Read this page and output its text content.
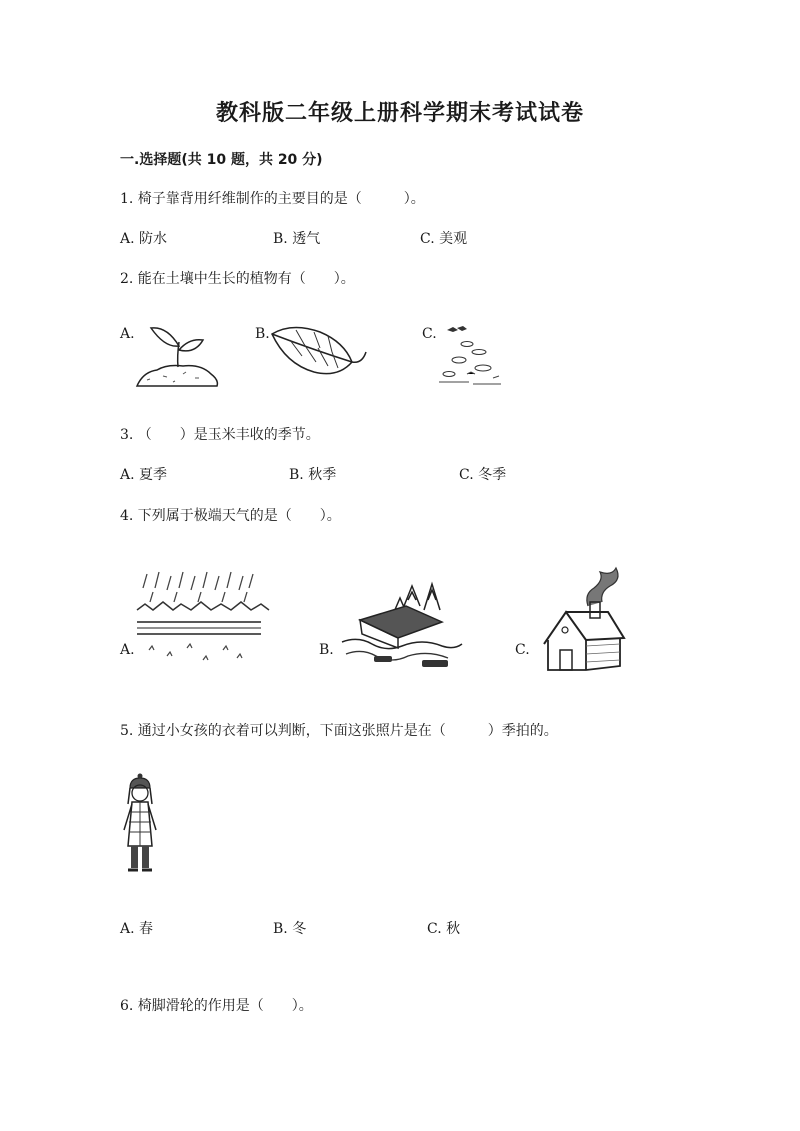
教科版二年级上册科学期末考试试卷
一.选择题(共 10 题，共 20 分)
1. 椅子靠背用纤维制作的主要目的是（　　　）。
A. 防水	B. 透气	C. 美观
2. 能在土壤中生长的植物有（　　）。
A.	B.	C.
3. （　　）是玉米丰收的季节。
A. 夏季	B. 秋季	C. 冬季
4. 下列属于极端天气的是（　　）。
A.	B.	C.
5. 通过小女孩的衣着可以判断，下面这张照片是在（　　　）季拍的。
A. 春	B. 冬	C. 秋
6. 椅脚滑轮的作用是（　　）。
